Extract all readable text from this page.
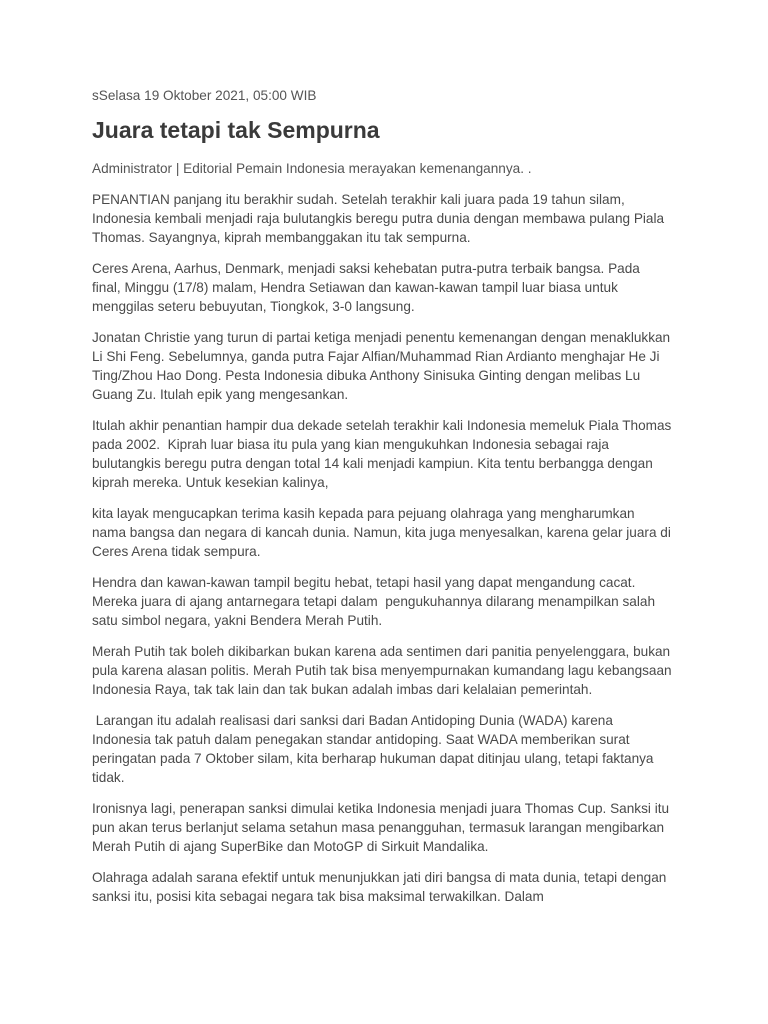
sSelasa 19 Oktober 2021, 05:00 WIB
Juara tetapi tak Sempurna
Administrator | Editorial Pemain Indonesia merayakan kemenangannya. .

PENANTIAN panjang itu berakhir sudah. Setelah terakhir kali juara pada 19 tahun silam, Indonesia kembali menjadi raja bulutangkis beregu putra dunia dengan membawa pulang Piala Thomas. Sayangnya, kiprah membanggakan itu tak sempurna.

Ceres Arena, Aarhus, Denmark, menjadi saksi kehebatan putra-putra terbaik bangsa. Pada final, Minggu (17/8) malam, Hendra Setiawan dan kawan-kawan tampil luar biasa untuk menggilas seteru bebuyutan, Tiongkok, 3-0 langsung.

Jonatan Christie yang turun di partai ketiga menjadi penentu kemenangan dengan menaklukkan Li Shi Feng. Sebelumnya, ganda putra Fajar Alfian/Muhammad Rian Ardianto menghajar He Ji Ting/Zhou Hao Dong. Pesta Indonesia dibuka Anthony Sinisuka Ginting dengan melibas Lu Guang Zu. Itulah epik yang mengesankan.

Itulah akhir penantian hampir dua dekade setelah terakhir kali Indonesia memeluk Piala Thomas pada 2002.  Kiprah luar biasa itu pula yang kian mengukuhkan Indonesia sebagai raja bulutangkis beregu putra dengan total 14 kali menjadi kampiun. Kita tentu berbangga dengan kiprah mereka. Untuk kesekian kalinya,

kita layak mengucapkan terima kasih kepada para pejuang olahraga yang mengharumkan nama bangsa dan negara di kancah dunia. Namun, kita juga menyesalkan, karena gelar juara di Ceres Arena tidak sempura.

Hendra dan kawan-kawan tampil begitu hebat, tetapi hasil yang dapat mengandung cacat. Mereka juara di ajang antarnegara tetapi dalam  pengukuhannya dilarang menampilkan salah satu simbol negara, yakni Bendera Merah Putih.

Merah Putih tak boleh dikibarkan bukan karena ada sentimen dari panitia penyelenggara, bukan pula karena alasan politis. Merah Putih tak bisa menyempurnakan kumandang lagu kebangsaan Indonesia Raya, tak tak lain dan tak bukan adalah imbas dari kelalaian pemerintah.

Larangan itu adalah realisasi dari sanksi dari Badan Antidoping Dunia (WADA) karena Indonesia tak patuh dalam penegakan standar antidoping. Saat WADA memberikan surat peringatan pada 7 Oktober silam, kita berharap hukuman dapat ditinjau ulang, tetapi faktanya tidak.

Ironisnya lagi, penerapan sanksi dimulai ketika Indonesia menjadi juara Thomas Cup. Sanksi itu pun akan terus berlanjut selama setahun masa penangguhan, termasuk larangan mengibarkan Merah Putih di ajang SuperBike dan MotoGP di Sirkuit Mandalika.

Olahraga adalah sarana efektif untuk menunjukkan jati diri bangsa di mata dunia, tetapi dengan sanksi itu, posisi kita sebagai negara tak bisa maksimal terwakilkan. Dalam
